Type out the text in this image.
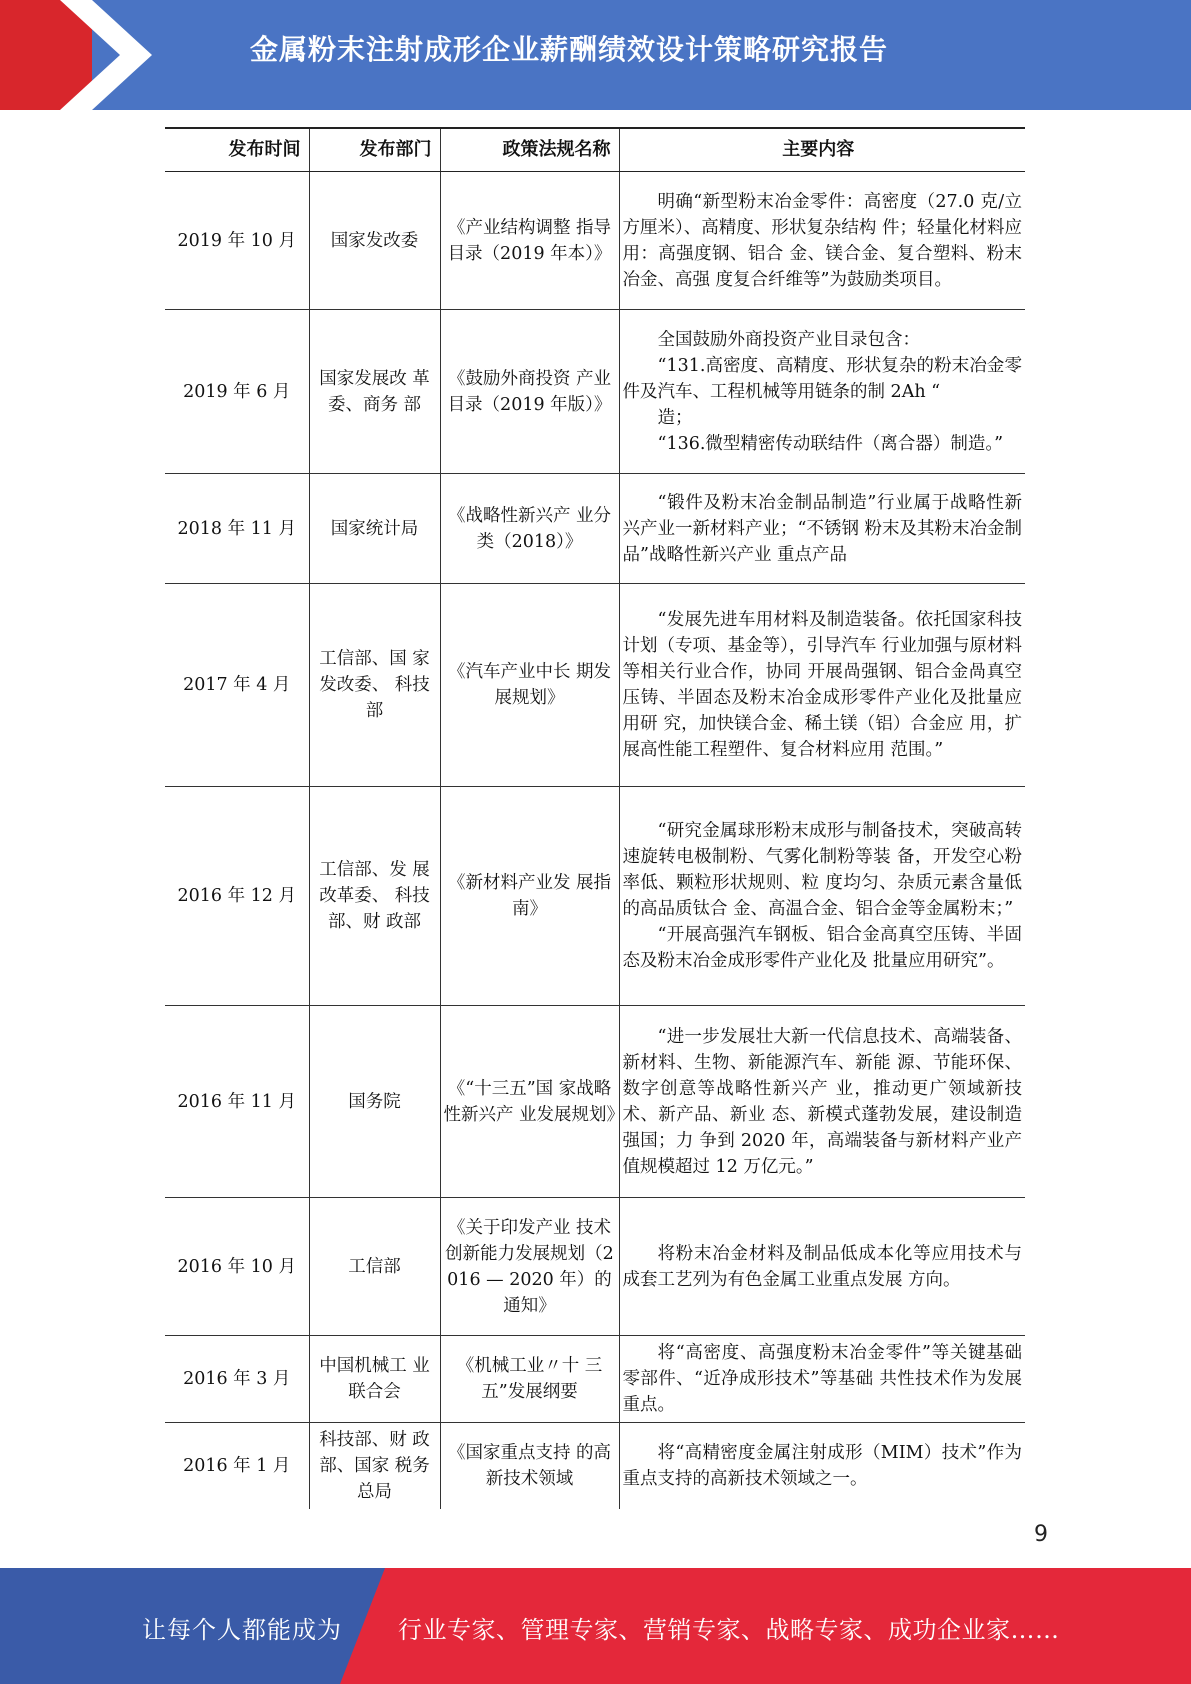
金属粉末注射成形企业薪酬绩效设计策略研究报告
发布时间	发布部门	政策法规名称	主要内容
2019 年 10 月	国家发改委	《产业结构调整 指导目录（2019 年本）》	明确“新型粉末冶金零件：高密度（27.0 克/立方厘米）、高精度、形状复杂结构 件；轻量化材料应用：高强度钢、铝合 金、镁合金、复合塑料、粉末冶金、高强 度复合纤维等”为鼓励类项目。

2019 年 6 月	国家发展改 革委、商务 部	《鼓励外商投资 产业目录（2019 年版）》	全国鼓励外商投资产业目录包含：

“131.高密度、高精度、形状复杂的粉末冶金零件及汽车、工程机械等用链条的制 2Ah “

造；

“136.微型精密传动联结件（离合器）制造。”

2018 年 11 月	国家统计局	《战略性新兴产 业分类（2018）》	“锻件及粉末冶金制品制造”行业属于战略性新兴产业一新材料产业；“不锈钢 粉末及其粉末冶金制品”战略性新兴产业 重点产品

2017 年 4 月	工信部、国 家发改委、 科技部	《汽车产业中长 期发展规划》	“发展先进车用材料及制造装备。依托国家科技计划（专项、基金等），引导汽车 行业加强与原材料等相关行业合作，协同 开展咼强钢、铝合金咼真空压铸、半固态及粉末冶金成形零件产业化及批量应用研 究，加快镁合金、稀土镁（铝）合金应 用，扩展高性能工程塑件、复合材料应用 范围。”

2016 年 12 月	工信部、发 展改革委、 科技部、财 政部	《新材料产业发 展指南》	“研究金属球形粉末成形与制备技术，突破高转速旋转电极制粉、气雾化制粉等装 备，开发空心粉率低、颗粒形状规则、粒 度均匀、杂质元素含量低的高品质钛合 金、高温合金、铝合金等金属粉末；”

“开展高强汽车钢板、铝合金高真空压铸、半固态及粉末冶金成形零件产业化及 批量应用研究”。

2016 年 11 月	国务院	《“十三五”国 家战略性新兴产 业发展规划》	“进一步发展壮大新一代信息技术、高端装备、新材料、生物、新能源汽车、新能 源、节能环保、数字创意等战略性新兴产 业，推动更广领域新技术、新产品、新业 态、新模式蓬勃发展，建设制造强国；力 争到 2020 年，高端装备与新材料产业产 值规模超过 12 万亿元。”

2016 年 10 月	工信部	《关于印发产业 技术创新能力发展规划（2016 — 2020 年）的通知》	将粉末冶金材料及制品低成本化等应用技术与成套工艺列为有色金属工业重点发展 方向。

2016 年 3 月	中国机械工 业联合会	《机械工业〃十 三五”发展纲要	将“高密度、高强度粉末冶金零件”等关键基础零部件、“近净成形技术”等基础 共性技术作为发展重点。

2016 年 1 月	科技部、财 政部、国家 税务总局	《国家重点支持 的高新技术领域	将“高精密度金属注射成形（MIM）技术”作为重点支持的高新技术领域之一。

9
让每个人都能成为 行业专家、管理专家、营销专家、战略专家、成功企业家……
